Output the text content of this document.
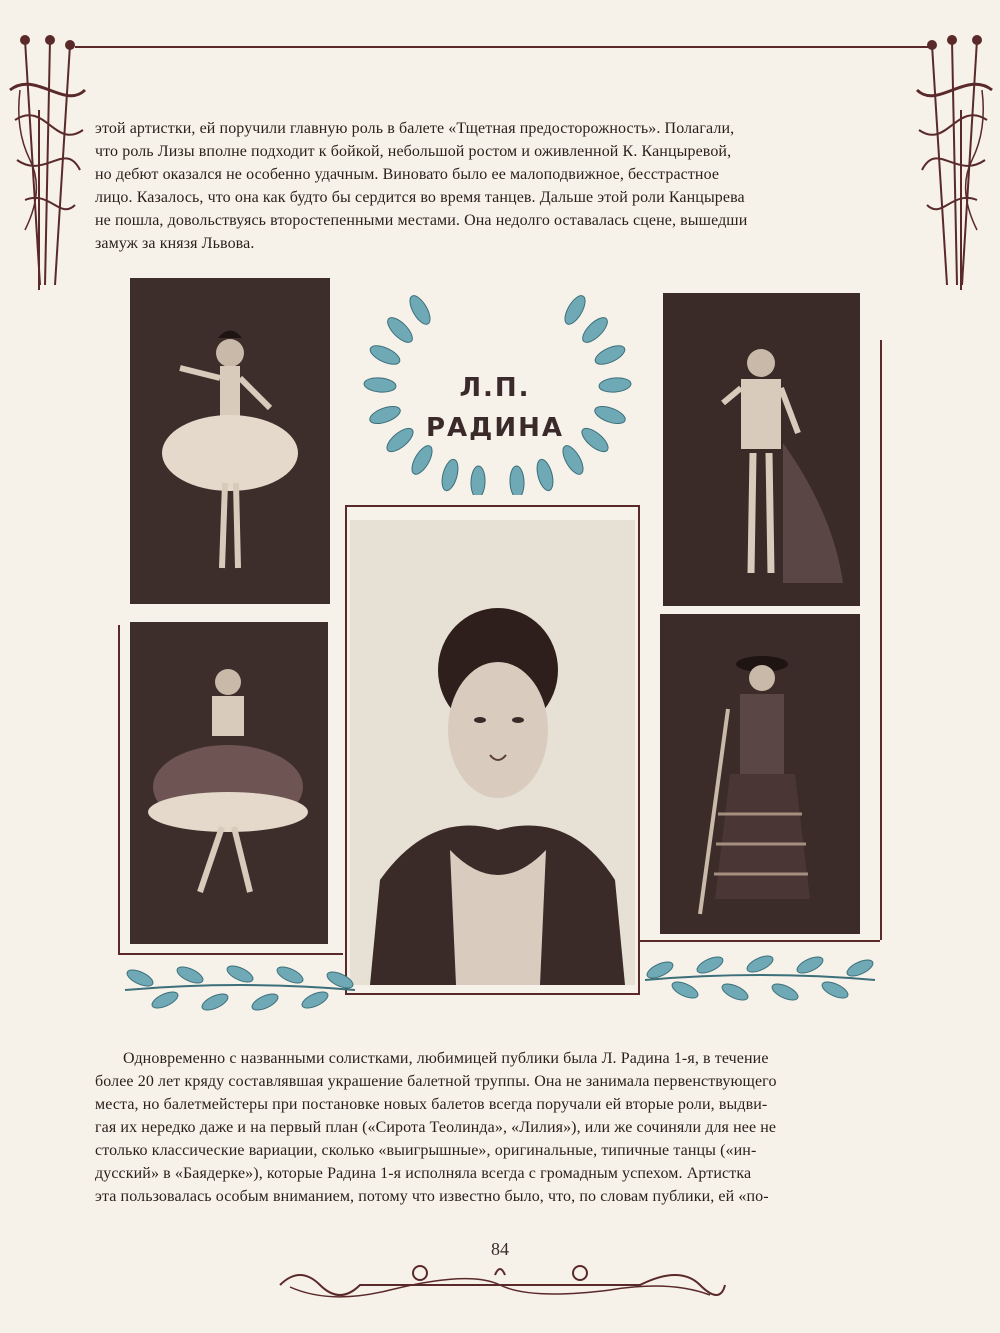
этой артистки, ей поручили главную роль в балете «Тщетная предосторожность». Полагали,

что роль Лизы вполне подходит к бойкой, небольшой ростом и оживленной К. Канцыревой,

но дебют оказался не особенно удачным. Виновато было ее малоподвижное, бесстрастное

лицо. Казалось, что она как будто бы сердится во время танцев. Дальше этой роли Канцырева

не пошла, довольствуясь второстепенными местами. Она недолго оставалась сцене, вышедши

замуж за князя Львова.

Л.П. РАДИНА

Одновременно с названными солистками, любимицей публики была Л. Радина 1-я, в течение

более 20 лет кряду составлявшая украшение балетной труппы. Она не занимала первенствующего

места, но балетмейстеры при постановке новых балетов всегда поручали ей вторые роли, выдви-

гая их нередко даже и на первый план («Сирота Теолинда», «Лилия»), или же сочиняли для нее не

столько классические вариации, сколько «выигрышные», оригинальные, типичные танцы («ин-

дусский» в «Баядерке»), которые Радина 1-я исполняла всегда с громадным успехом. Артистка

эта пользовалась особым вниманием, потому что известно было, что, по словам публики, ей «по-

84
